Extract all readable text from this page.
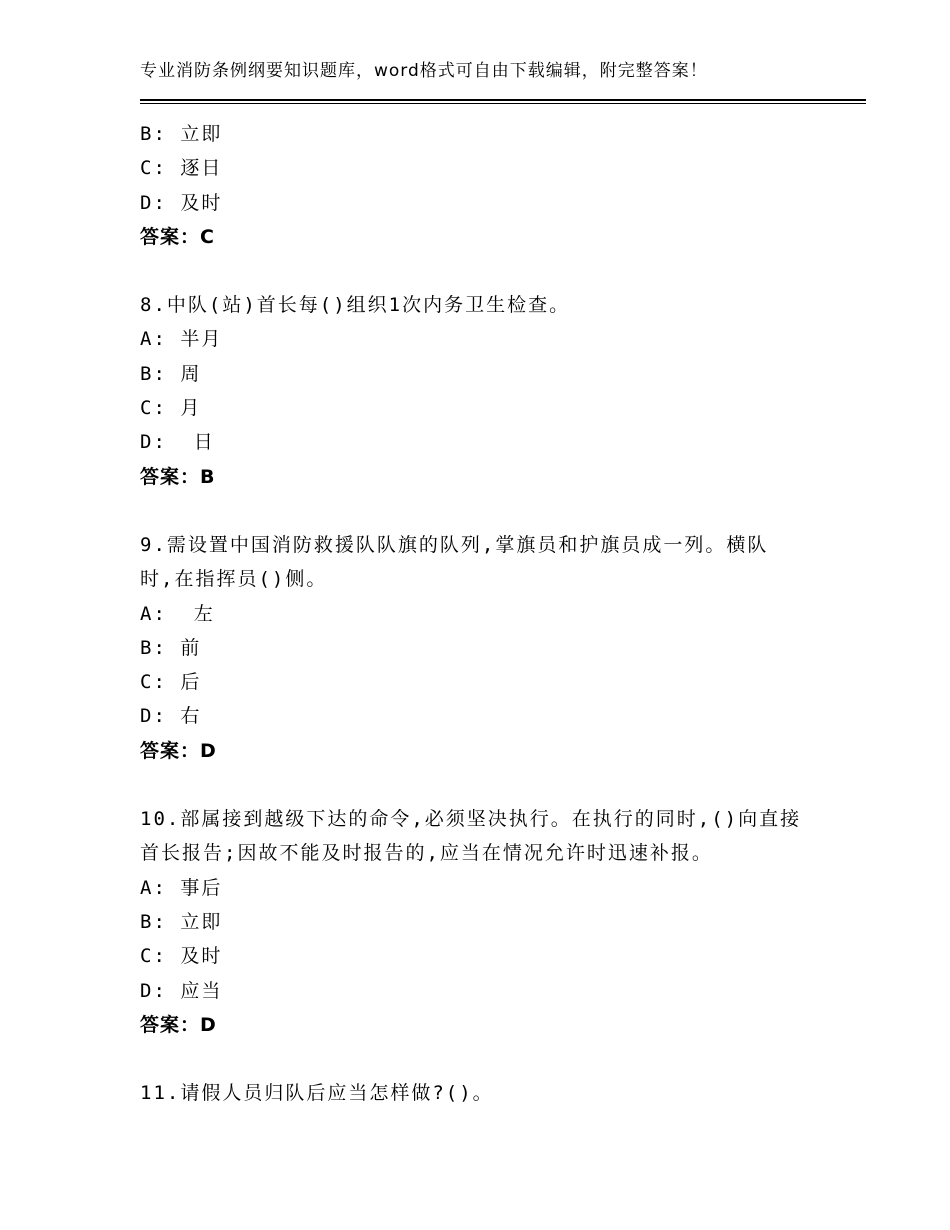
专业消防条例纲要知识题库，word格式可自由下载编辑，附完整答案！
B: 立即
C: 逐日
D: 及时
答案：C
8.中队(站)首长每()组织1次内务卫生检查。
A: 半月
B: 周
C: 月
D:  日
答案：B
9.需设置中国消防救援队队旗的队列,掌旗员和护旗员成一列。横队
时,在指挥员()侧。
A:  左
B: 前
C: 后
D: 右
答案：D
10.部属接到越级下达的命令,必须坚决执行。在执行的同时,()向直接
首长报告;因故不能及时报告的,应当在情况允许时迅速补报。
A: 事后
B: 立即
C: 及时
D: 应当
答案：D
11.请假人员归队后应当怎样做?()。
